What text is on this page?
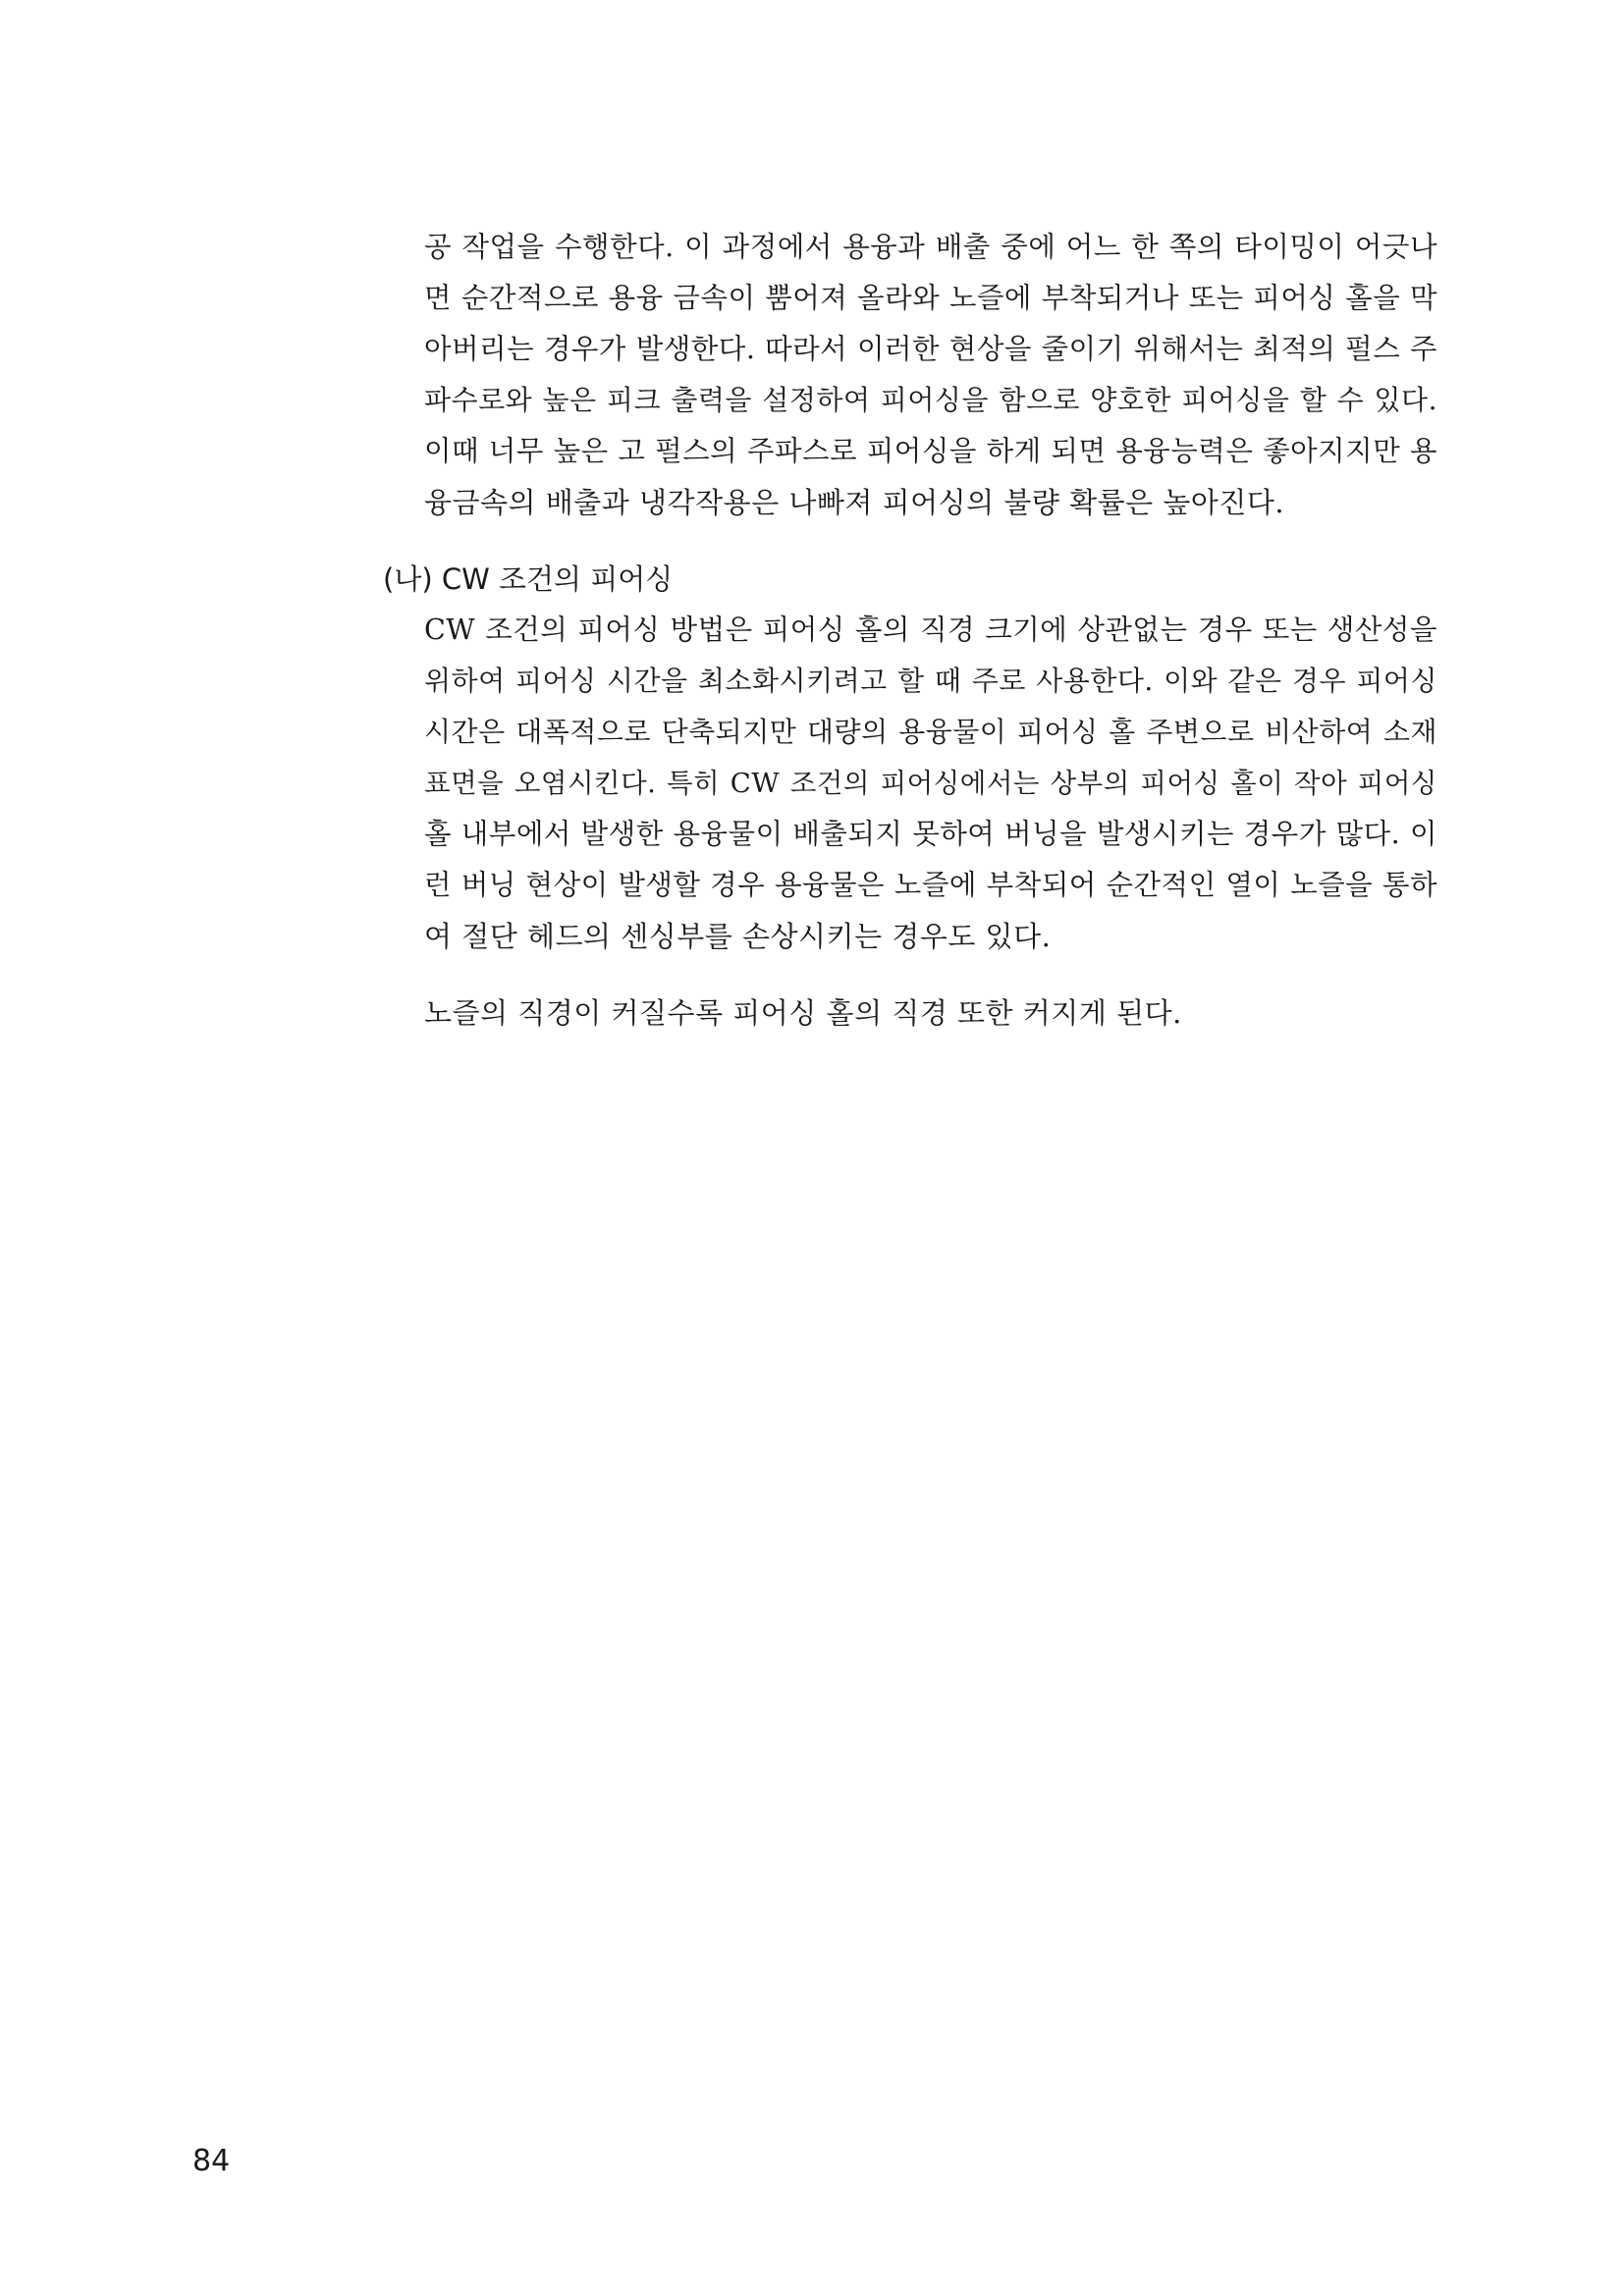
공 작업을 수행한다. 이 과정에서 용융과 배출 중에 어느 한 쪽의 타이밍이 어긋나
면 순간적으로 용융 금속이 뿜어져 올라와 노즐에 부착되거나 또는 피어싱 홀을 막
아버리는 경우가 발생한다. 따라서 이러한 현상을 줄이기 위해서는 최적의 펄스 주
파수로와 높은 피크 출력을 설정하여 피어싱을 함으로 양호한 피어싱을 할 수 있다.
이때 너무 높은 고 펄스의 주파스로 피어싱을 하게 되면 용융능력은 좋아지지만 용
융금속의 배출과 냉각작용은 나빠져 피어싱의 불량 확률은 높아진다.
(나) CW 조건의 피어싱
CW 조건의 피어싱 방법은 피어싱 홀의 직경 크기에 상관없는 경우 또는 생산성을
위하여 피어싱 시간을 최소화시키려고 할 때 주로 사용한다. 이와 같은 경우 피어싱
시간은 대폭적으로 단축되지만 대량의 용융물이 피어싱 홀 주변으로 비산하여 소재
표면을 오염시킨다. 특히 CW 조건의 피어싱에서는 상부의 피어싱 홀이 작아 피어싱
홀 내부에서 발생한 용융물이 배출되지 못하여 버닝을 발생시키는 경우가 많다. 이
런 버닝 현상이 발생할 경우 용융물은 노즐에 부착되어 순간적인 열이 노즐을 통하
여 절단 헤드의 센싱부를 손상시키는 경우도 있다.
노즐의 직경이 커질수록 피어싱 홀의 직경 또한 커지게 된다.
84
